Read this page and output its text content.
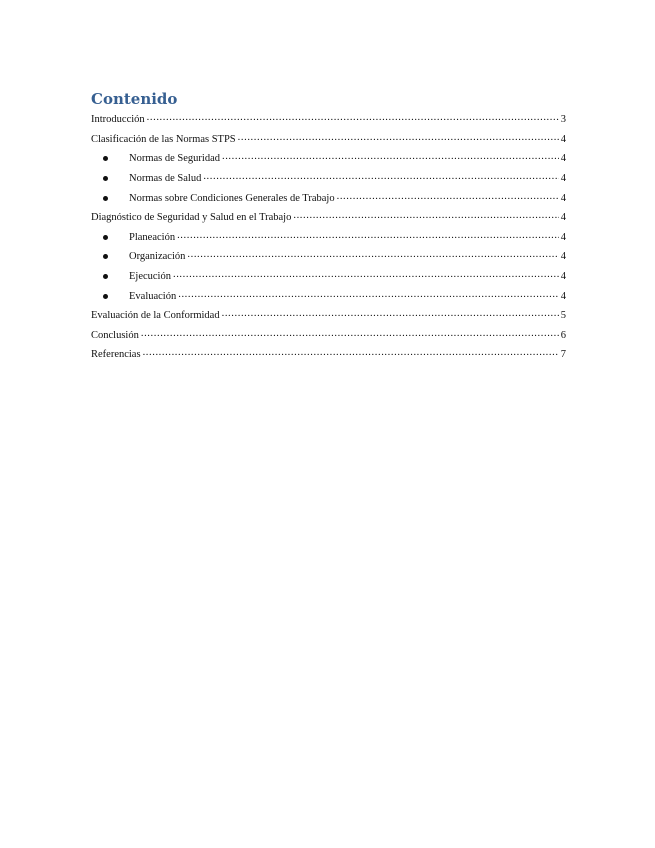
Contenido
Introducción .....	3
Clasificación de las Normas STPS .....	4
Normas de Seguridad .....	4
Normas de Salud .....	4
Normas sobre Condiciones Generales de Trabajo .....	4
Diagnóstico de Seguridad y Salud en el Trabajo .....	4
Planeación .....	4
Organización .....	4
Ejecución .....	4
Evaluación .....	4
Evaluación de la Conformidad .....	5
Conclusión .....	6
Referencias .....	7
